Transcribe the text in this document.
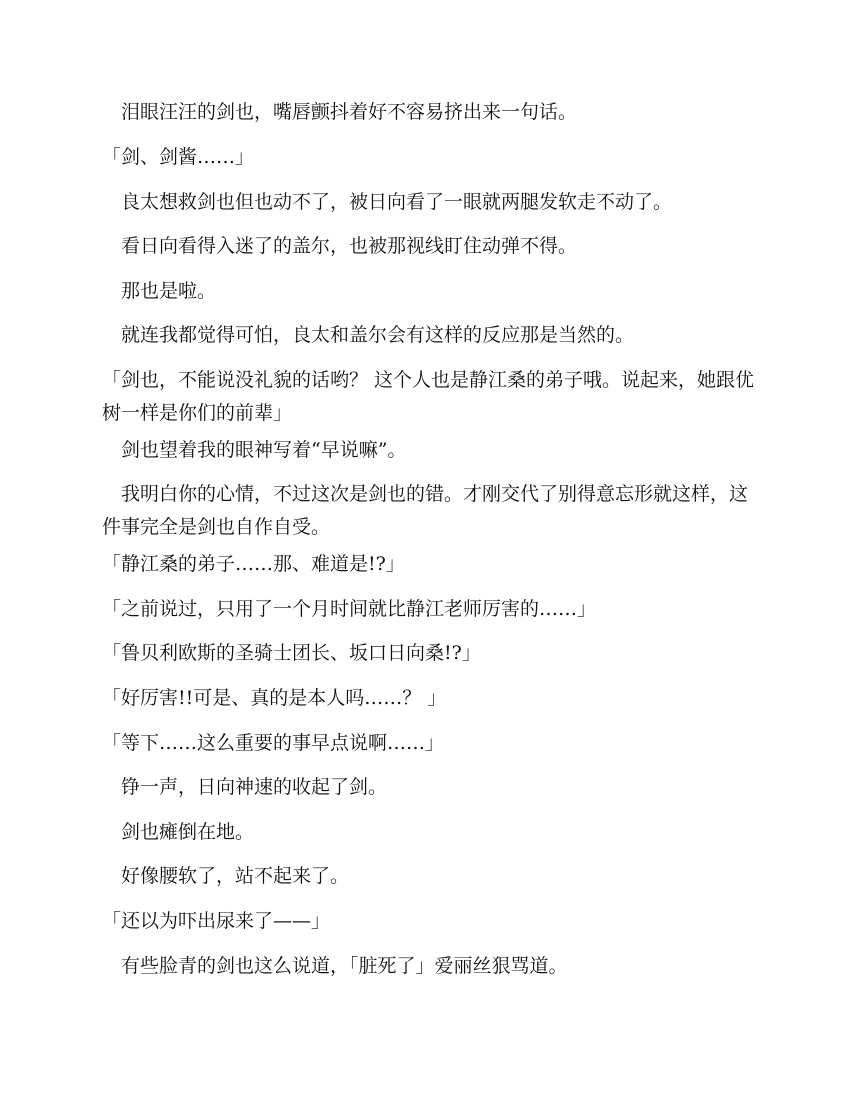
泪眼汪汪的剑也，嘴唇颤抖着好不容易挤出来一句话。

「剑、剑酱……」

良太想救剑也但也动不了，被日向看了一眼就两腿发软走不动了。

看日向看得入迷了的盖尔，也被那视线盯住动弹不得。

那也是啦。

就连我都觉得可怕，良太和盖尔会有这样的反应那是当然的。

「剑也，不能说没礼貌的话哟？ 这个人也是静江桑的弟子哦。说起来，她跟优树一样是你们的前辈」

剑也望着我的眼神写着“早说嘛”。

我明白你的心情，不过这次是剑也的错。才刚交代了别得意忘形就这样，这件事完全是剑也自作自受。

「静江桑的弟子……那、难道是!?」

「之前说过，只用了一个月时间就比静江老师厉害的……」

「鲁贝利欧斯的圣骑士团长、坂口日向桑!?」

「好厉害!!可是、真的是本人吗……？ 」

「等下……这么重要的事早点说啊……」

铮一声，日向神速的收起了剑。

剑也瘫倒在地。

好像腰软了，站不起来了。

「还以为吓出尿来了——」

有些脸青的剑也这么说道，「脏死了」爱丽丝狠骂道。
